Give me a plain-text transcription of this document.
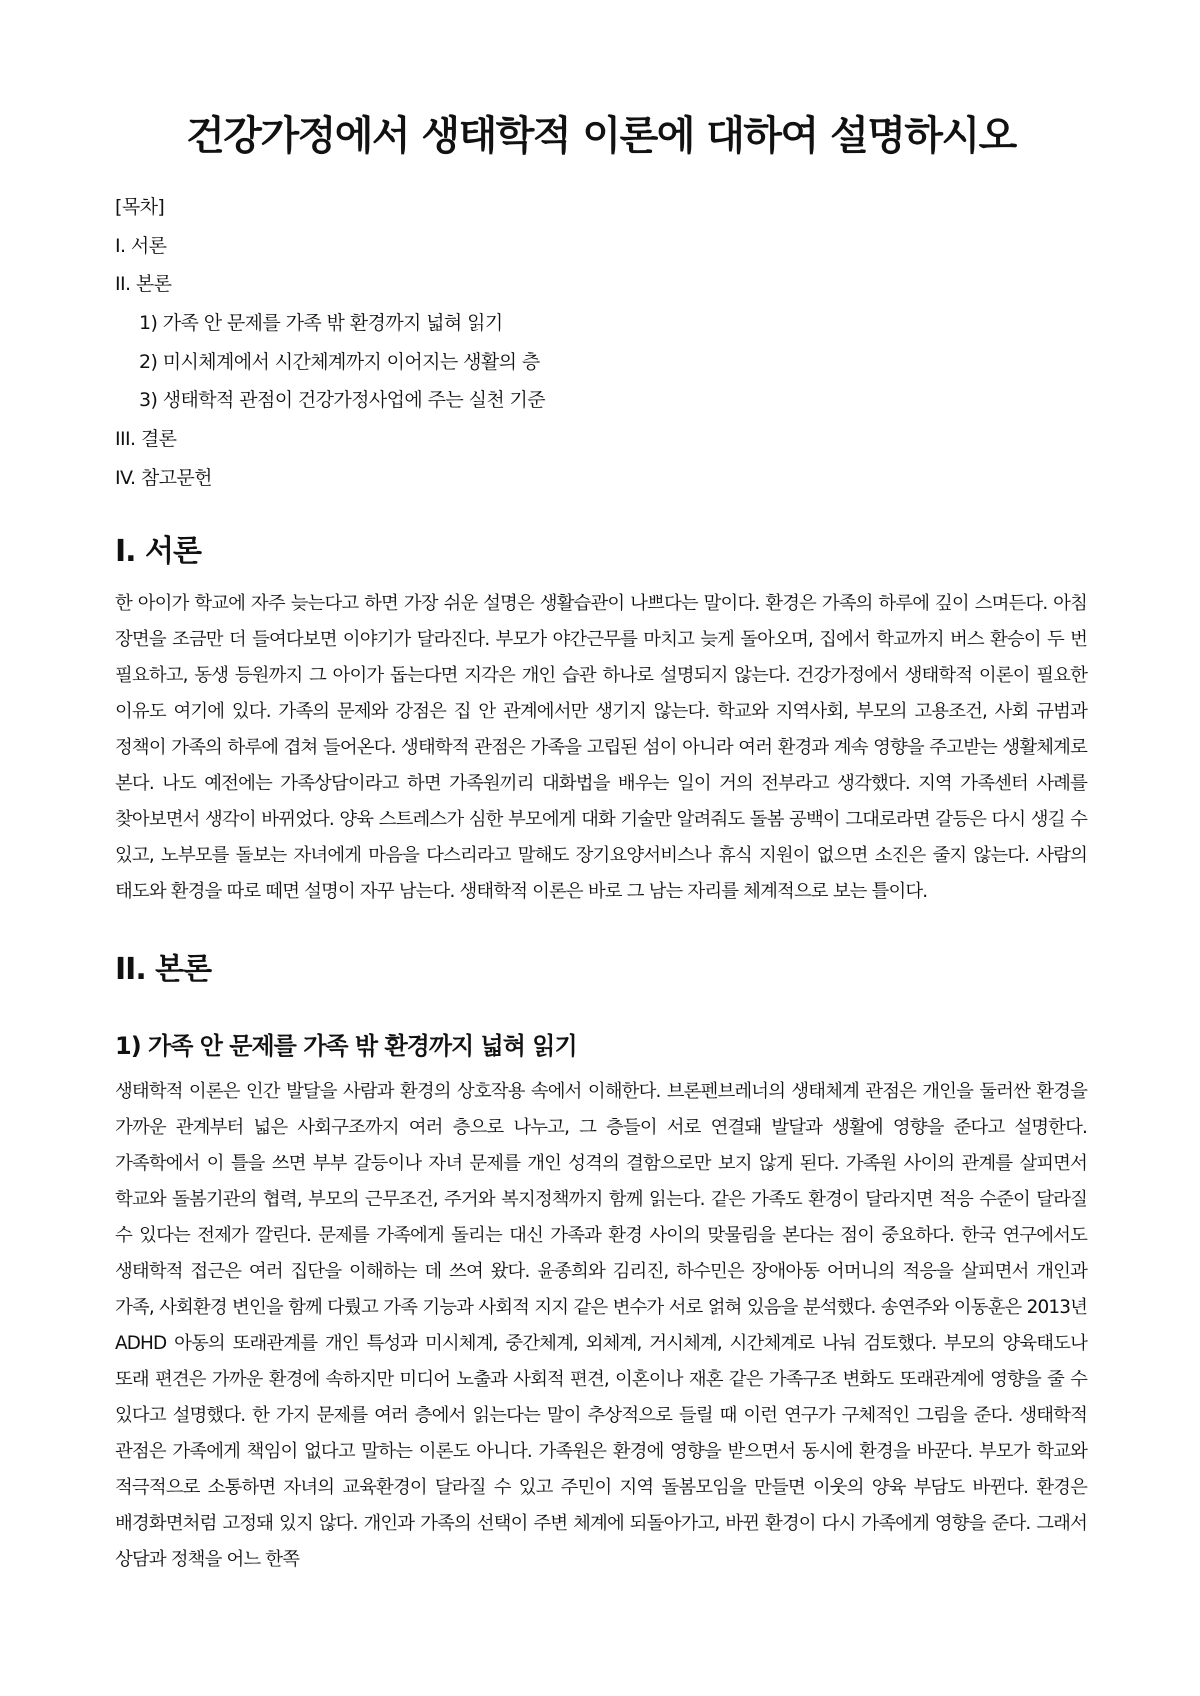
건강가정에서 생태학적 이론에 대하여 설명하시오
[목차]
I. 서론
II. 본론
1) 가족 안 문제를 가족 밖 환경까지 넓혀 읽기
2) 미시체계에서 시간체계까지 이어지는 생활의 층
3) 생태학적 관점이 건강가정사업에 주는 실천 기준
III. 결론
IV. 참고문헌
I. 서론

한 아이가 학교에 자주 늦는다고 하면 가장 쉬운 설명은 생활습관이 나쁘다는 말이다. 환경은 가족의 하루에 깊이 스며든다. 아침 장면을 조금만 더 들여다보면 이야기가 달라진다. 부모가 야간근무를 마치고 늦게 돌아오며, 집에서 학교까지 버스 환승이 두 번 필요하고, 동생 등원까지 그 아이가 돕는다면 지각은 개인 습관 하나로 설명되지 않는다. 건강가정에서 생태학적 이론이 필요한 이유도 여기에 있다. 가족의 문제와 강점은 집 안 관계에서만 생기지 않는다. 학교와 지역사회, 부모의 고용조건, 사회 규범과 정책이 가족의 하루에 겹쳐 들어온다. 생태학적 관점은 가족을 고립된 섬이 아니라 여러 환경과 계속 영향을 주고받는 생활체계로 본다. 나도 예전에는 가족상담이라고 하면 가족원끼리 대화법을 배우는 일이 거의 전부라고 생각했다. 지역 가족센터 사례를 찾아보면서 생각이 바뀌었다. 양육 스트레스가 심한 부모에게 대화 기술만 알려줘도 돌봄 공백이 그대로라면 갈등은 다시 생길 수 있고, 노부모를 돌보는 자녀에게 마음을 다스리라고 말해도 장기요양서비스나 휴식 지원이 없으면 소진은 줄지 않는다. 사람의 태도와 환경을 따로 떼면 설명이 자꾸 남는다. 생태학적 이론은 바로 그 남는 자리를 체계적으로 보는 틀이다.

II. 본론
1) 가족 안 문제를 가족 밖 환경까지 넓혀 읽기

생태학적 이론은 인간 발달을 사람과 환경의 상호작용 속에서 이해한다. 브론펜브레너의 생태체계 관점은 개인을 둘러싼 환경을 가까운 관계부터 넓은 사회구조까지 여러 층으로 나누고, 그 층들이 서로 연결돼 발달과 생활에 영향을 준다고 설명한다. 가족학에서 이 틀을 쓰면 부부 갈등이나 자녀 문제를 개인 성격의 결함으로만 보지 않게 된다. 가족원 사이의 관계를 살피면서 학교와 돌봄기관의 협력, 부모의 근무조건, 주거와 복지정책까지 함께 읽는다. 같은 가족도 환경이 달라지면 적응 수준이 달라질 수 있다는 전제가 깔린다. 문제를 가족에게 돌리는 대신 가족과 환경 사이의 맞물림을 본다는 점이 중요하다. 한국 연구에서도 생태학적 접근은 여러 집단을 이해하는 데 쓰여 왔다. 윤종희와 김리진, 하수민은 장애아동 어머니의 적응을 살피면서 개인과 가족, 사회환경 변인을 함께 다뤘고 가족 기능과 사회적 지지 같은 변수가 서로 얽혀 있음을 분석했다. 송연주와 이동훈은 2013년 ADHD 아동의 또래관계를 개인 특성과 미시체계, 중간체계, 외체계, 거시체계, 시간체계로 나눠 검토했다. 부모의 양육태도나 또래 편견은 가까운 환경에 속하지만 미디어 노출과 사회적 편견, 이혼이나 재혼 같은 가족구조 변화도 또래관계에 영향을 줄 수 있다고 설명했다. 한 가지 문제를 여러 층에서 읽는다는 말이 추상적으로 들릴 때 이런 연구가 구체적인 그림을 준다. 생태학적 관점은 가족에게 책임이 없다고 말하는 이론도 아니다. 가족원은 환경에 영향을 받으면서 동시에 환경을 바꾼다. 부모가 학교와 적극적으로 소통하면 자녀의 교육환경이 달라질 수 있고 주민이 지역 돌봄모임을 만들면 이웃의 양육 부담도 바뀐다. 환경은 배경화면처럼 고정돼 있지 않다. 개인과 가족의 선택이 주변 체계에 되돌아가고, 바뀐 환경이 다시 가족에게 영향을 준다. 그래서 상담과 정책을 어느 한쪽
